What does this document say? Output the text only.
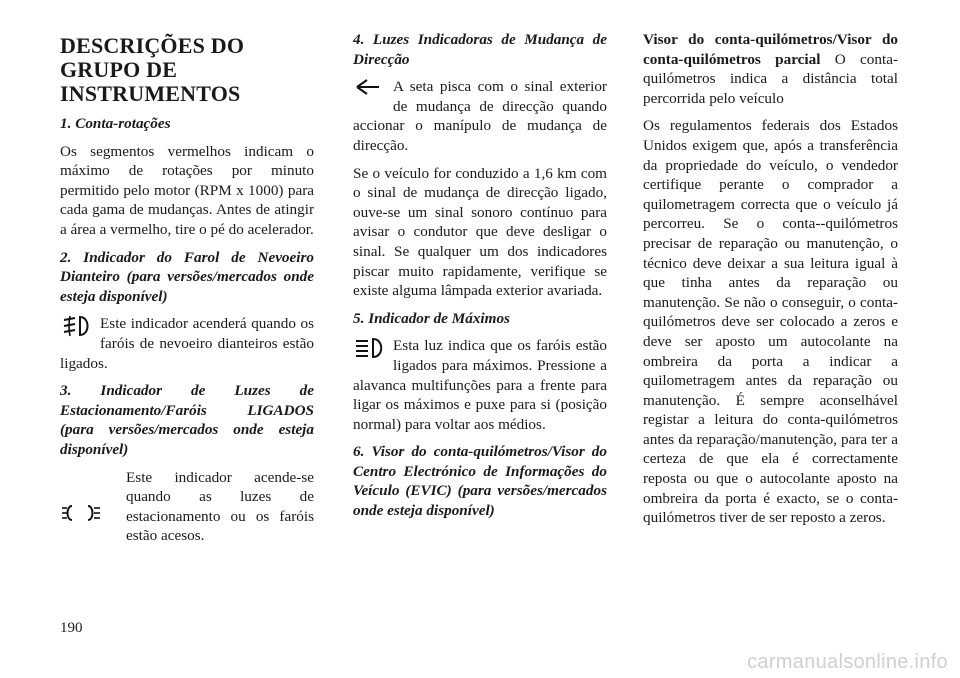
DESCRIÇÕES DO GRUPO DE INSTRUMENTOS
1. Conta-rotações

Os segmentos vermelhos indicam o máximo de rotações por minuto permitido pelo motor (RPM x 1000) para cada gama de mudanças. Antes de atingir a área a vermelho, tire o pé do acelerador.

2. Indicador do Farol de Nevoeiro Dianteiro (para versões/mercados onde esteja disponível)
Este indicador acenderá quando os faróis de nevoeiro dianteiros estão ligados.
3. Indicador de Luzes de Estacionamento/Faróis LIGADOS (para versões/mercados onde esteja disponível)
Este indicador acende-se quando as luzes de estacionamento ou os faróis estão acesos.
4. Luzes Indicadoras de Mudança de Direcção
A seta pisca com o sinal exterior de mudança de direcção quando accionar o manípulo de mudança de direcção.

Se o veículo for conduzido a 1,6 km com o sinal de mudança de direcção ligado, ouve-se um sinal sonoro contínuo para avisar o condutor que deve desligar o sinal. Se qualquer um dos indicadores piscar muito rapidamente, verifique se existe alguma lâmpada exterior avariada.

5. Indicador de Máximos
Esta luz indica que os faróis estão ligados para máximos. Pressione a alavanca multifunções para a frente para ligar os máximos e puxe para si (posição normal) para voltar aos médios.
6. Visor do conta-quilómetros/Visor do Centro Electrónico de Informações do Veículo (EVIC) (para versões/mercados onde esteja disponível)

Visor do conta-quilómetros/Visor do conta-quilómetros parcial O conta-quilómetros indica a distância total percorrida pelo veículo

Os regulamentos federais dos Estados Unidos exigem que, após a transferência da propriedade do veículo, o vendedor certifique perante o comprador a quilometragem correcta que o veículo já percorreu. Se o conta--quilómetros precisar de reparação ou manutenção, o técnico deve deixar a sua leitura igual à que tinha antes da reparação ou manutenção. Se não o conseguir, o conta-quilómetros deve ser colocado a zeros e deve ser aposto um autocolante na ombreira da porta a indicar a quilometragem antes da reparação ou manutenção. É sempre aconselhável registar a leitura do conta-quilómetros antes da reparação/manutenção, para ter a certeza de que ela é correctamente reposta ou que o autocolante aposto na ombreira da porta é exacto, se o conta-quilómetros tiver de ser reposto a zeros.

190
carmanualsonline.info
